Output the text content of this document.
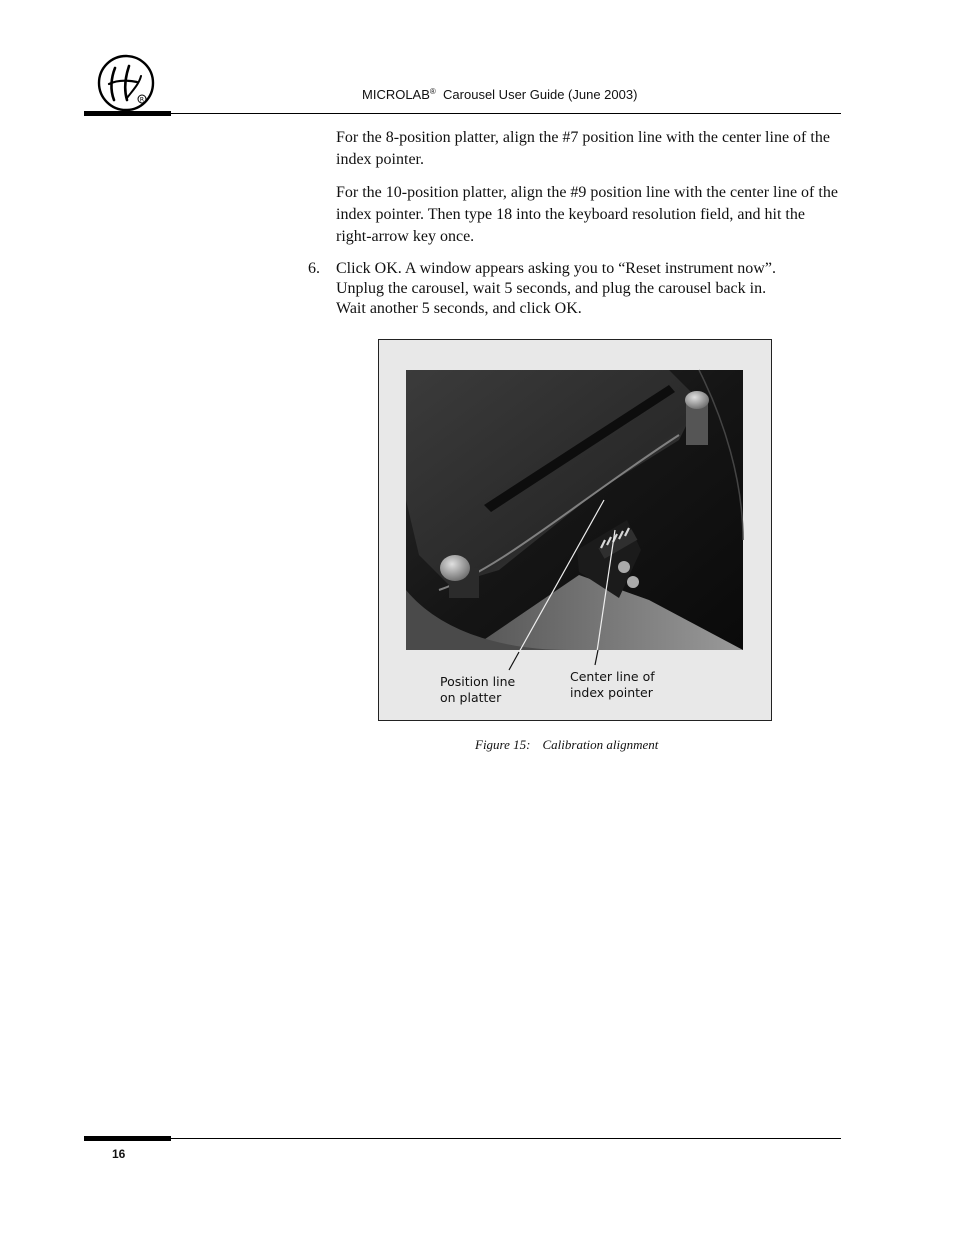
R	MICROLAB® Carousel User Guide (June 2003)
For the 8-position platter, align the #7 position line with the center line of the index pointer.
For the 10-position platter, align the #9 position line with the center line of the index pointer. Then type 18 into the keyboard resolution field, and hit the right-arrow key once.
6. Click OK. A window appears asking you to “Reset instrument now”. Unplug the carousel, wait 5 seconds, and plug the carousel back in. Wait another 5 seconds, and click OK.
Position line
on platter
Center line of
index pointer
Figure 15: Calibration alignment
16
